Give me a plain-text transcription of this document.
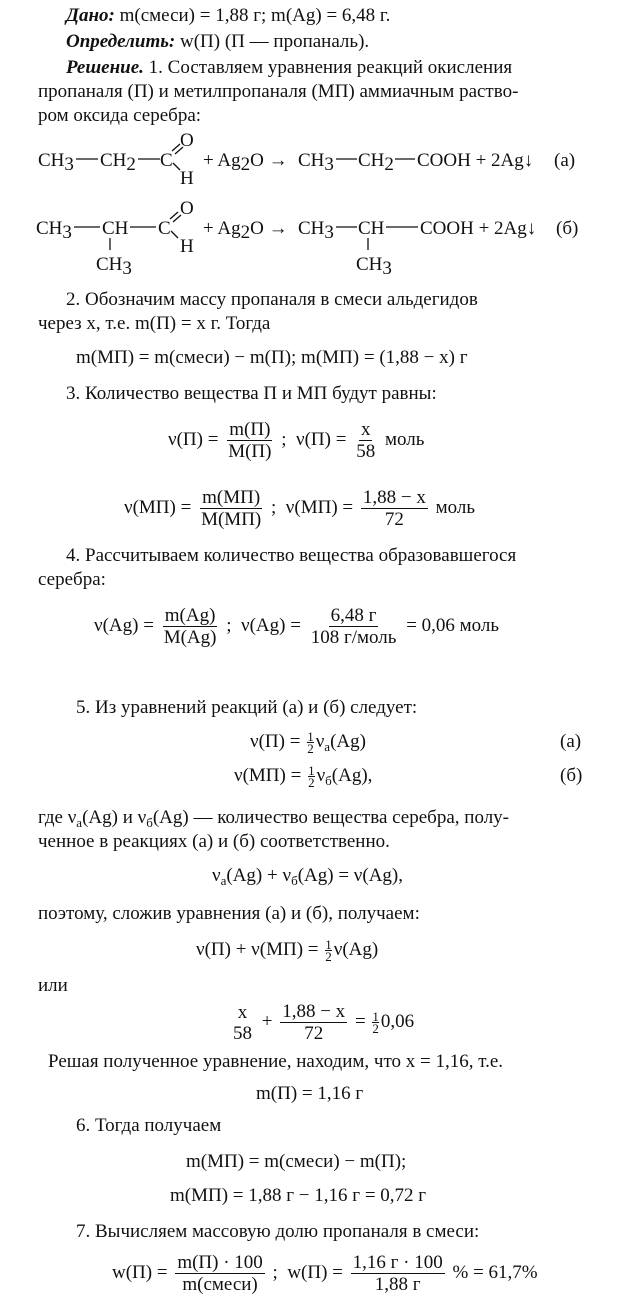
Дано: m(смеси) = 1,88 г; m(Ag) = 6,48 г.
Определить: w(П) (П — пропаналь).
Решение. 1. Составляем уравнения реакций окисления
пропаналя (П) и метилпропаналя (МП) аммиачным раство-
ром оксида серебра:
CH3 CH2 C
O
H
+ Ag2O → CH3 CH2 COOH + 2Ag↓ (а)
CH3 CH
CH3
C
O
H
+ Ag2O → CH3 CH
CH3
COOH + 2Ag↓ (б)
2. Обозначим массу пропаналя в смеси альдегидов
через x, т.е. m(П) = x г. Тогда
m(МП) = m(смеси) − m(П); m(МП) = (1,88 − x) г
3. Количество вещества П и МП будут равны:
ν(П) = m(П)
M(П)
; $\nu(П) = \frac{x}{58}$ моль
ν(МП) = m(МП)
M(МП)
; $\nu(МП) = \frac{1,88 - x}{72}$ моль
4. Рассчитываем количество вещества образовавшегося
серебра:
$\nu(Ag) = \frac{m(Ag)}{M(Ag)}$ ; ν(Ag) = 6,48 г
108 г/моль
= 0,06 моль
5. Из уравнений реакций (а) и (б) следует:
$\nu(П) = \frac{1}{2} \nu_а(Ag)$	(а)
$\nu(МП) = \frac{1}{2} \nu_б(Ag)$,	(б)
где $\nu_а(Ag)$ и $\nu_б(Ag)$ — количество вещества серебра, полу-
ченное в реакциях (а) и (б) соответственно.
$\nu_а(Ag) + \nu_б(Ag) = \nu(Ag)$,
поэтому, сложив уравнения (а) и (б), получаем:
$\nu(П) + \nu(МП) = \frac{1}{2} \nu(Ag)$
или
x
58
+ $\frac{1,88 - x}{72} = \frac{1}{2} 0,06$
Решая полученное уравнение, находим, что x = 1,16, т.е.
m(П) = 1,16 г
6. Тогда получаем
m(МП) = m(смеси) − m(П);
m(МП) = 1,88 г − 1,16 г = 0,72 г
7. Вычисляем массовую долю пропаналя в смеси:
w(П) = m(П) · 100
m(смеси)
; w(П) = 1,16 г · 100
1,88 г
% = 61,7%
